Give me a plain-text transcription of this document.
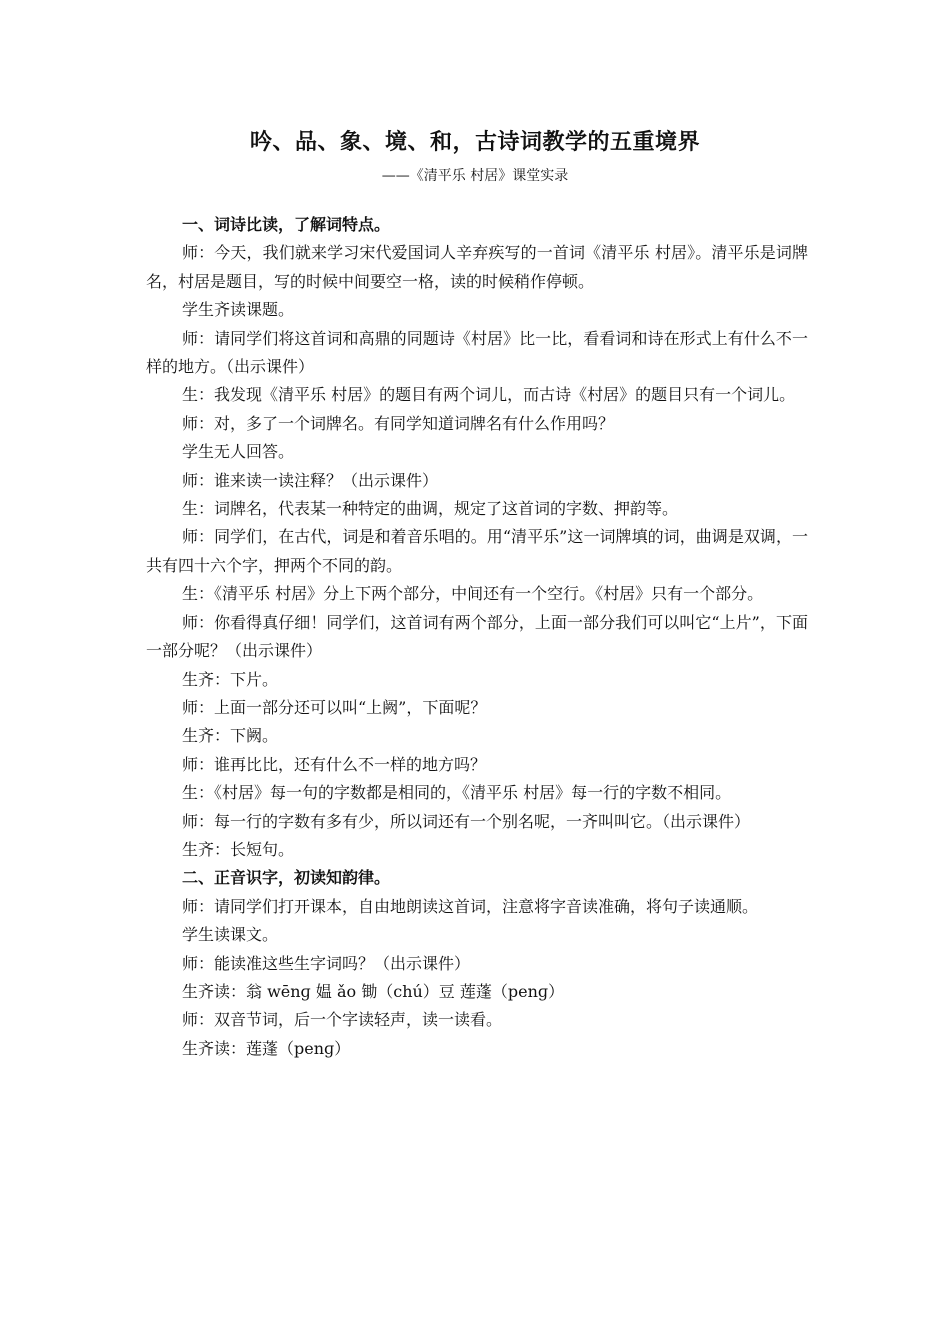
吟、品、象、境、和，古诗词教学的五重境界
——《清平乐 村居》课堂实录

一、词诗比读，了解词特点。

师：今天，我们就来学习宋代爱国词人辛弃疾写的一首词《清平乐 村居》。清平乐是词牌名，村居是题目，写的时候中间要空一格，读的时候稍作停顿。

学生齐读课题。

师：请同学们将这首词和高鼎的同题诗《村居》比一比，看看词和诗在形式上有什么不一样的地方。（出示课件）

生：我发现《清平乐 村居》的题目有两个词儿，而古诗《村居》的题目只有一个词儿。

师：对，多了一个词牌名。有同学知道词牌名有什么作用吗？

学生无人回答。

师：谁来读一读注释？（出示课件）

生：词牌名，代表某一种特定的曲调，规定了这首词的字数、押韵等。

师：同学们，在古代，词是和着音乐唱的。用“清平乐”这一词牌填的词，曲调是双调，一共有四十六个字，押两个不同的韵。

生：《清平乐 村居》分上下两个部分，中间还有一个空行。《村居》只有一个部分。

师：你看得真仔细！同学们，这首词有两个部分，上面一部分我们可以叫它“上片”，下面一部分呢？（出示课件）

生齐：下片。

师：上面一部分还可以叫“上阙”，下面呢？

生齐：下阙。

师：谁再比比，还有什么不一样的地方吗？

生：《村居》每一句的字数都是相同的，《清平乐 村居》每一行的字数不相同。

师：每一行的字数有多有少，所以词还有一个别名呢，一齐叫叫它。（出示课件）

生齐：长短句。

二、正音识字，初读知韵律。

师：请同学们打开课本，自由地朗读这首词，注意将字音读准确，将句子读通顺。

学生读课文。

师：能读准这些生字词吗？（出示课件）

生齐读：翁 wēnɡ 媪 ǎo 锄（chú）豆 莲蓬（penɡ）

师：双音节词，后一个字读轻声，读一读看。

生齐读：莲蓬（penɡ）
